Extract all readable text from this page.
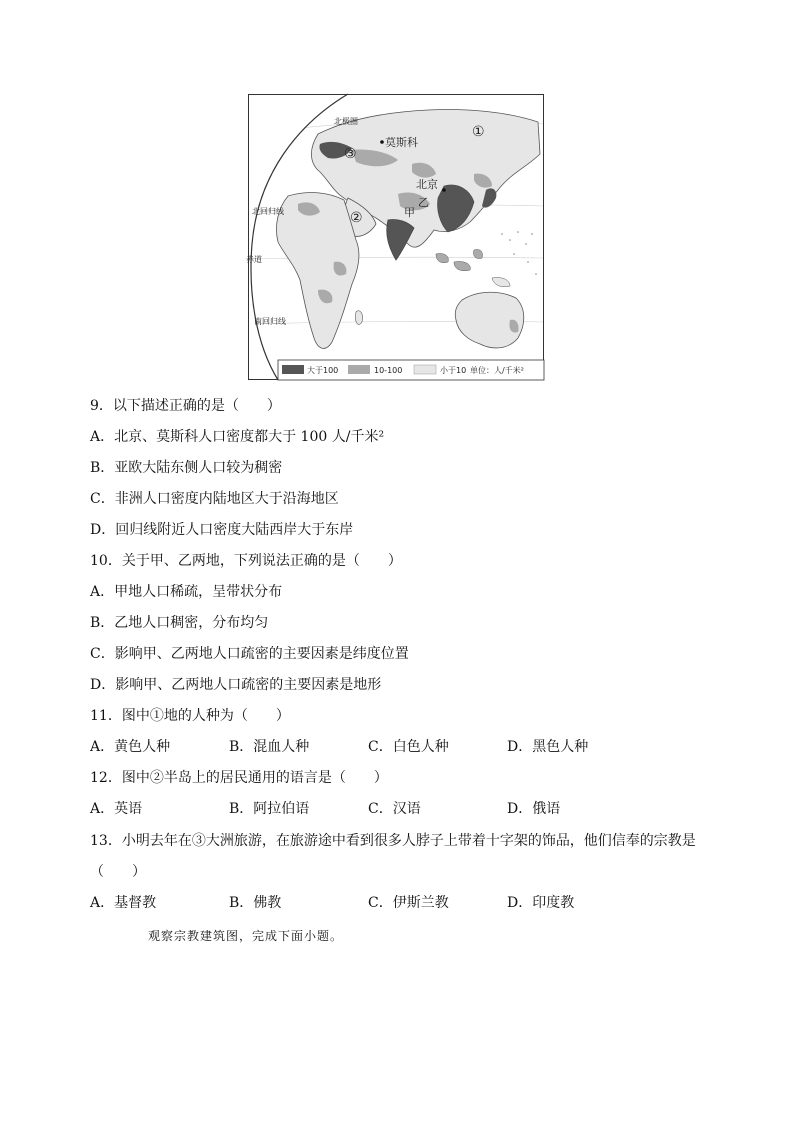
北极圈
莫斯科
北京
北回归线
赤道
南回归线
甲
乙
①
②
③
大于100	10-100	小于10 单位：人/千米²
9．以下描述正确的是（　　）
A．北京、莫斯科人口密度都大于 100 人/千米²
B．亚欧大陆东侧人口较为稠密
C．非洲人口密度内陆地区大于沿海地区
D．回归线附近人口密度大陆西岸大于东岸
10．关于甲、乙两地，下列说法正确的是（　　）
A．甲地人口稀疏，呈带状分布
B．乙地人口稠密，分布均匀
C．影响甲、乙两地人口疏密的主要因素是纬度位置
D．影响甲、乙两地人口疏密的主要因素是地形
11．图中①地的人种为（　　）
A．黄色人种	B．混血人种	C．白色人种	D．黑色人种
12．图中②半岛上的居民通用的语言是（　　）
A．英语	B．阿拉伯语	C．汉语	D．俄语
13．小明去年在③大洲旅游，在旅游途中看到很多人脖子上带着十字架的饰品，他们信奉的宗教是
（　　）
A．基督教	B．佛教	C．伊斯兰教	D．印度教
观察宗教建筑图，完成下面小题。
